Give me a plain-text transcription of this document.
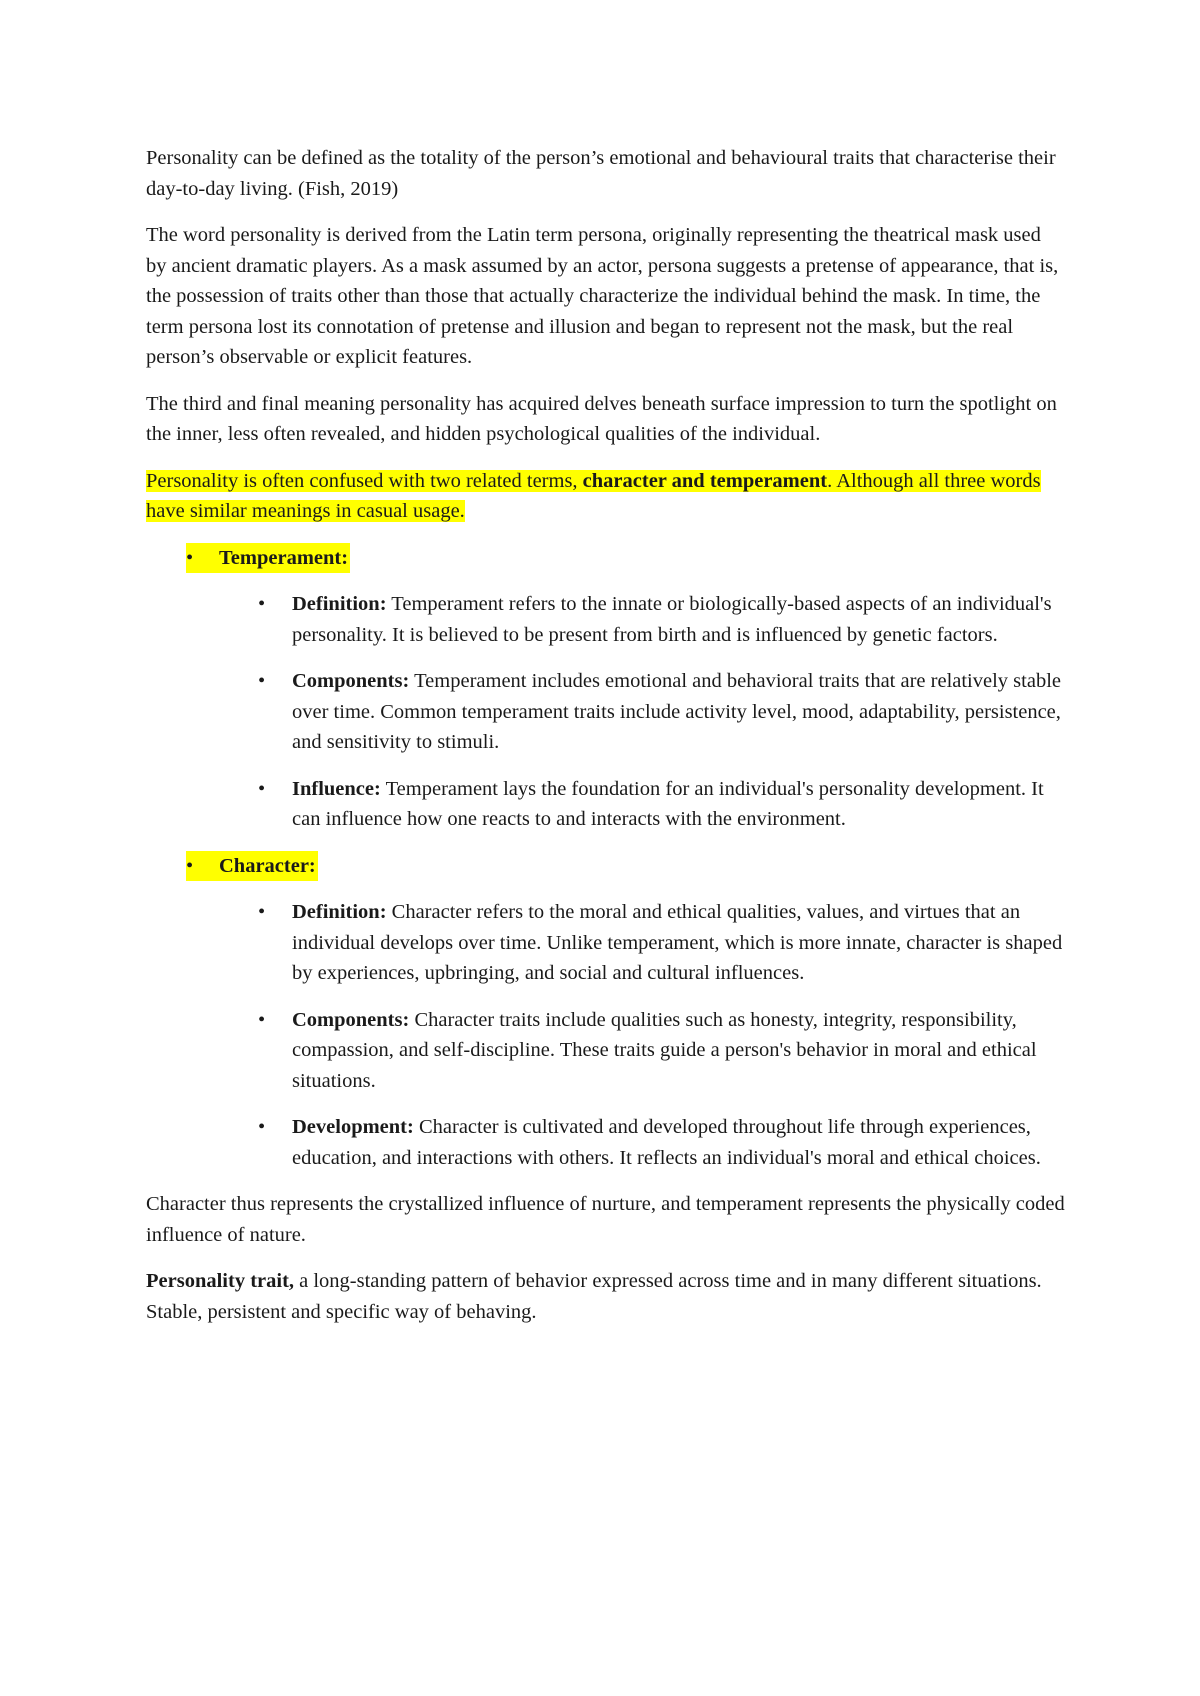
Personality can be defined as the totality of the person’s emotional and behavioural traits that characterise their day-to-day living. (Fish, 2019)

The word personality is derived from the Latin term persona, originally representing the theatrical mask used by ancient dramatic players. As a mask assumed by an actor, persona suggests a pretense of appearance, that is, the possession of traits other than those that actually characterize the individual behind the mask. In time, the term persona lost its connotation of pretense and illusion and began to represent not the mask, but the real person’s observable or explicit features.

The third and final meaning personality has acquired delves beneath surface impression to turn the spotlight on the inner, less often revealed, and hidden psychological qualities of the individual.

Personality is often confused with two related terms, character and temperament. Although all three words have similar meanings in casual usage.

•	Temperament:
• Definition: Temperament refers to the innate or biologically-based aspects of an individual's personality. It is believed to be present from birth and is influenced by genetic factors.
• Components: Temperament includes emotional and behavioral traits that are relatively stable over time. Common temperament traits include activity level, mood, adaptability, persistence, and sensitivity to stimuli.
• Influence: Temperament lays the foundation for an individual's personality development. It can influence how one reacts to and interacts with the environment.
•	Character:
• Definition: Character refers to the moral and ethical qualities, values, and virtues that an individual develops over time. Unlike temperament, which is more innate, character is shaped by experiences, upbringing, and social and cultural influences.
• Components: Character traits include qualities such as honesty, integrity, responsibility, compassion, and self-discipline. These traits guide a person's behavior in moral and ethical situations.
• Development: Character is cultivated and developed throughout life through experiences, education, and interactions with others. It reflects an individual's moral and ethical choices.

Character thus represents the crystallized influence of nurture, and temperament represents the physically coded influence of nature.

Personality trait, a long-standing pattern of behavior expressed across time and in many different situations. Stable, persistent and specific way of behaving.
